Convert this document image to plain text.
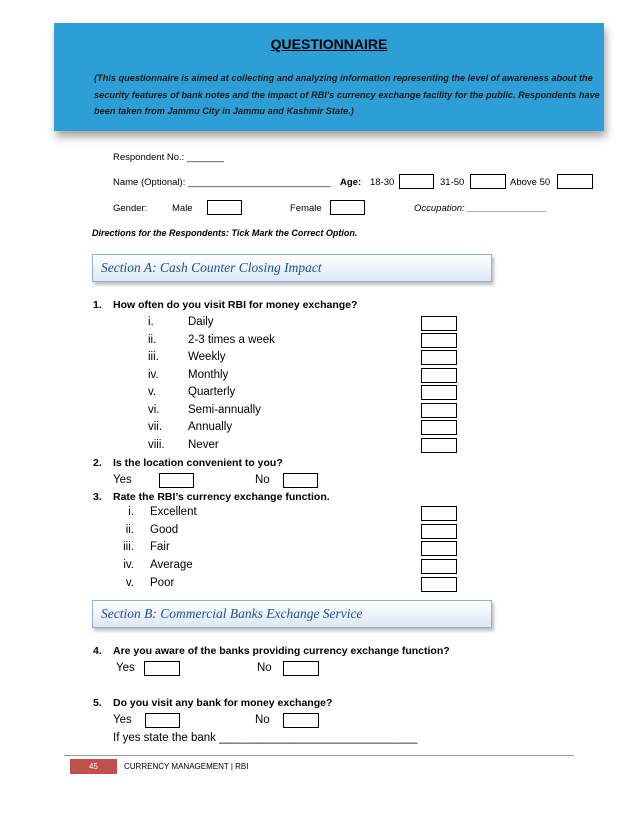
QUESTIONNAIRE
(This questionnaire is aimed at collecting and analyzing information representing the level of awareness about the security features of bank notes and the impact of RBI’s currency exchange facility for the public. Respondents have been taken from Jammu City in Jammu and Kashmir State.)
Respondent No.: _______
Name (Optional): ___________________________ Age: 18-30	31-50	Above 50
Gender:	Male	Female	Occupation: _______________
Directions for the Respondents: Tick Mark the Correct Option.
Section A: Cash Counter Closing Impact
1. How often do you visit RBI for money exchange?
i.	Daily
ii.	2-3 times a week
iii.	Weekly
iv.	Monthly
v.	Quarterly
vi. Semi-annually
vii. Annually
viii. Never
2. Is the location convenient to you?
Yes	No
3. Rate the RBI’s currency exchange function.
i. Excellent
ii. Good
iii. Fair
iv. Average
v. Poor
Section B: Commercial Banks Exchange Service
4. Are you aware of the banks providing currency exchange function?
Yes	No
5. Do you visit any bank for money exchange?
Yes	No
If yes state the bank _______________________________
45	CURRENCY MANAGEMENT | RBI
